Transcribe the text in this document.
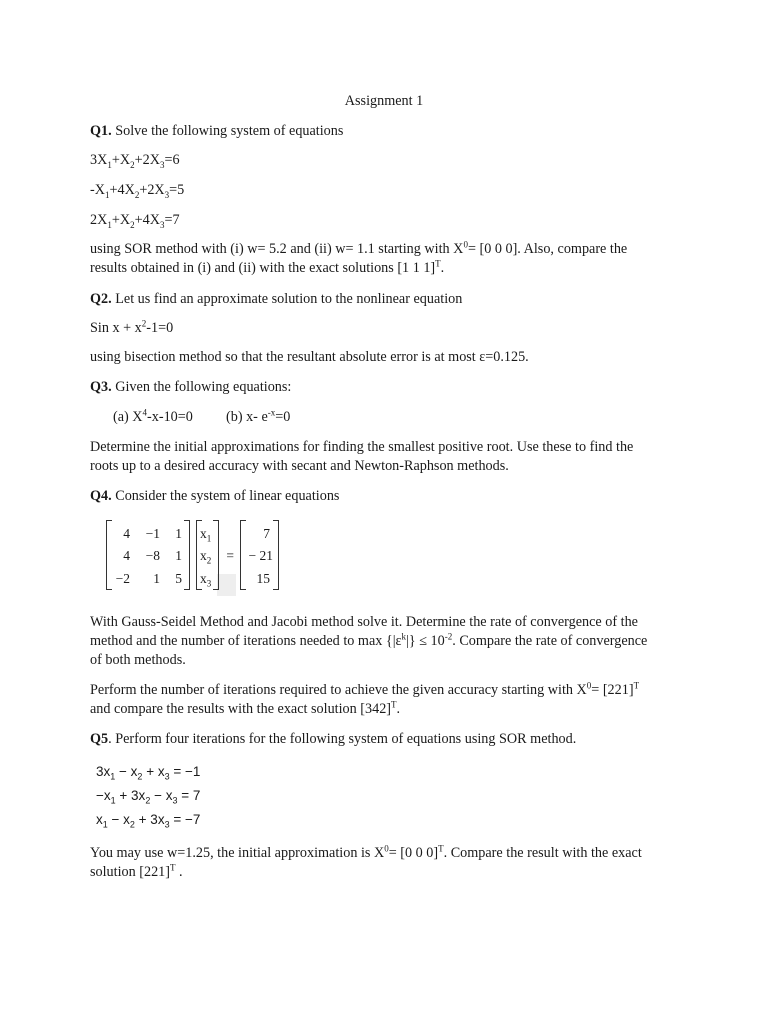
Assignment 1
Q1. Solve the following system of equations
$3X_1+X_2+2X_3=6$
$-X_1+4X_2+2X_3=5$
$2X_1+X_2+4X_3=7$
using SOR method with (i) w= 5.2 and (ii) w= 1.1 starting with $X^0= [0$ 0 0]. Also, compare the
results obtained in (i) and (ii) with the exact solutions [1 1 1]$^T$.
Q2. Let us find an approximate solution to the nonlinear equation
Sin $x + x^2-1=0$
using bisection method so that the resultant absolute error is at most ε=0.125.
Q3. Given the following equations:
(a) $X^4-x-10=0$ (b) x- $e^{-x}=0$
Determine the initial approximations for finding the smallest positive root. Use these to find the
roots up to a desired accuracy with secant and Newton-Raphson methods.
Q4. Consider the system of linear equations
4	−1	1
4	−8	1
−2	1	5
$x_1$
$x_2$
$x_3$
=
7
− 21
15
With Gauss-Seidel Method and Jacobi method solve it. Determine the rate of convergence of the
method and the number of iterations needed to $\max \{|\varepsilon^k|\} \le 10^{-2}$. Compare the rate of convergence
of both methods.
Perform the number of iterations required to achieve the given accuracy starting with $X^0= [221]^T$
and compare the results with the exact solution $[342]^T$.
Q5. Perform four iterations for the following system of equations using SOR method.
$3x_1 - x_2 + x_3 = -1$
$-x_1 + 3x_2 - x_3 = 7$
$x_1 - x_2 + 3x_3 = -7$
You may use w=1.25, the initial approximation is $X^0= [0$ 0 0]$^T$. Compare the result with the exact
solution $[221]^T$ .
